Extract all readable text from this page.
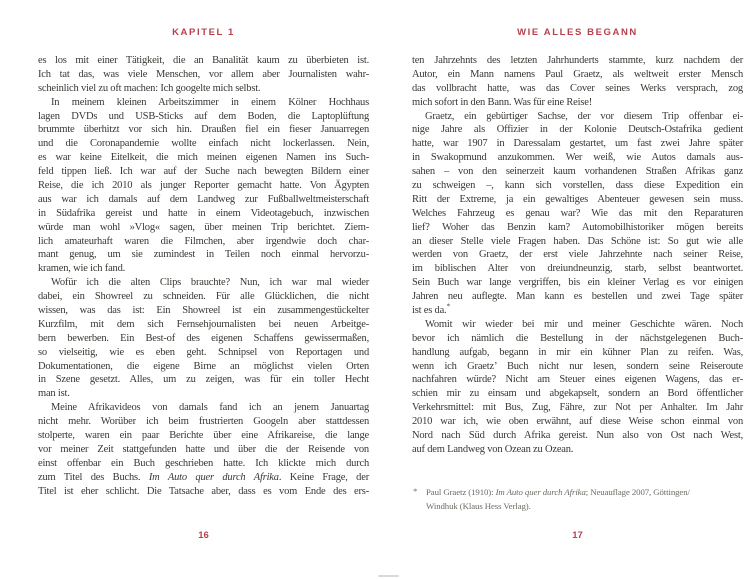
KAPITEL 1
es los mit einer Tätigkeit, die an Banalität kaum zu überbieten ist.
Ich tat das, was viele Menschen, vor allem aber Journalisten wahr-
scheinlich viel zu oft machen: Ich googelte mich selbst.
In meinem kleinen Arbeitszimmer in einem Kölner Hochhaus
lagen DVDs und USB-Sticks auf dem Boden, die Laptoplüftung
brummte überhitzt vor sich hin. Draußen fiel ein fieser Januarregen
und die Coronapandemie wollte einfach nicht lockerlassen. Nein,
es war keine Eitelkeit, die mich meinen eigenen Namen ins Such-
feld tippen ließ. Ich war auf der Suche nach bewegten Bildern einer
Reise, die ich 2010 als junger Reporter gemacht hatte. Von Ägypten
aus war ich damals auf dem Landweg zur Fußballweltmeisterschaft
in Südafrika gereist und hatte in einem Videotagebuch, inzwischen
würde man wohl »Vlog« sagen, über meinen Trip berichtet. Ziem-
lich amateurhaft waren die Filmchen, aber irgendwie doch char-
mant genug, um sie zumindest in Teilen noch einmal hervorzu-
kramen, wie ich fand.
Wofür ich die alten Clips brauchte? Nun, ich war mal wieder
dabei, ein Showreel zu schneiden. Für alle Glücklichen, die nicht
wissen, was das ist: Ein Showreel ist ein zusammengestückelter
Kurzfilm, mit dem sich Fernsehjournalisten bei neuen Arbeitge-
bern bewerben. Ein Best-of des eigenen Schaffens gewissermaßen,
so vielseitig, wie es eben geht. Schnipsel von Reportagen und
Dokumentationen, die eigene Birne an möglichst vielen Orten
in Szene gesetzt. Alles, um zu zeigen, was für ein toller Hecht
man ist.
Meine Afrikavideos von damals fand ich an jenem Januartag
nicht mehr. Worüber ich beim frustrierten Googeln aber stattdessen
stolperte, waren ein paar Berichte über eine Afrikareise, die lange
vor meiner Zeit stattgefunden hatte und über die der Reisende von
einst offenbar ein Buch geschrieben hatte. Ich klickte mich durch
zum Titel des Buchs. Im Auto quer durch Afrika. Keine Frage, der
Titel ist eher schlicht. Die Tatsache aber, dass es vom Ende des ers-
16
WIE ALLES BEGANN
ten Jahrzehnts des letzten Jahrhunderts stammte, kurz nachdem der
Autor, ein Mann namens Paul Graetz, als weltweit erster Mensch
das vollbracht hatte, was das Cover seines Werks versprach, zog
mich sofort in den Bann. Was für eine Reise!
Graetz, ein gebürtiger Sachse, der vor diesem Trip offenbar ei-
nige Jahre als Offizier in der Kolonie Deutsch-Ostafrika gedient
hatte, war 1907 in Daressalam gestartet, um fast zwei Jahre später
in Swakopmund anzukommen. Wer weiß, wie Autos damals aus-
sahen – von den seinerzeit kaum vorhandenen Straßen Afrikas ganz
zu schweigen –, kann sich vorstellen, dass diese Expedition ein
Ritt der Extreme, ja ein gewaltiges Abenteuer gewesen sein muss.
Welches Fahrzeug es genau war? Wie das mit den Reparaturen
lief? Woher das Benzin kam? Automobilhistoriker mögen bereits
an dieser Stelle viele Fragen haben. Das Schöne ist: So gut wie alle
werden von Graetz, der erst viele Jahrzehnte nach seiner Reise,
im biblischen Alter von dreiundneunzig, starb, selbst beantwortet.
Sein Buch war lange vergriffen, bis ein kleiner Verlag es vor einigen
Jahren neu auflegte. Man kann es bestellen und zwei Tage später
ist es da.*
Womit wir wieder bei mir und meiner Geschichte wären. Noch
bevor ich nämlich die Bestellung in der nächstgelegenen Buch-
handlung aufgab, begann in mir ein kühner Plan zu reifen. Was,
wenn ich Graetz’ Buch nicht nur lesen, sondern seine Reiseroute
nachfahren würde? Nicht am Steuer eines eigenen Wagens, das er-
schien mir zu einsam und abgekapselt, sondern an Bord öffentlicher
Verkehrsmittel: mit Bus, Zug, Fähre, zur Not per Anhalter. Im Jahr
2010 war ich, wie oben erwähnt, auf diese Weise schon einmal von
Nord nach Süd durch Afrika gereist. Nun also von Ost nach West,
auf dem Landweg von Ozean zu Ozean.
* Paul Graetz (1910): Im Auto quer durch Afrika; Neuauflage 2007, Göttingen/
Windhuk (Klaus Hess Verlag).
17
